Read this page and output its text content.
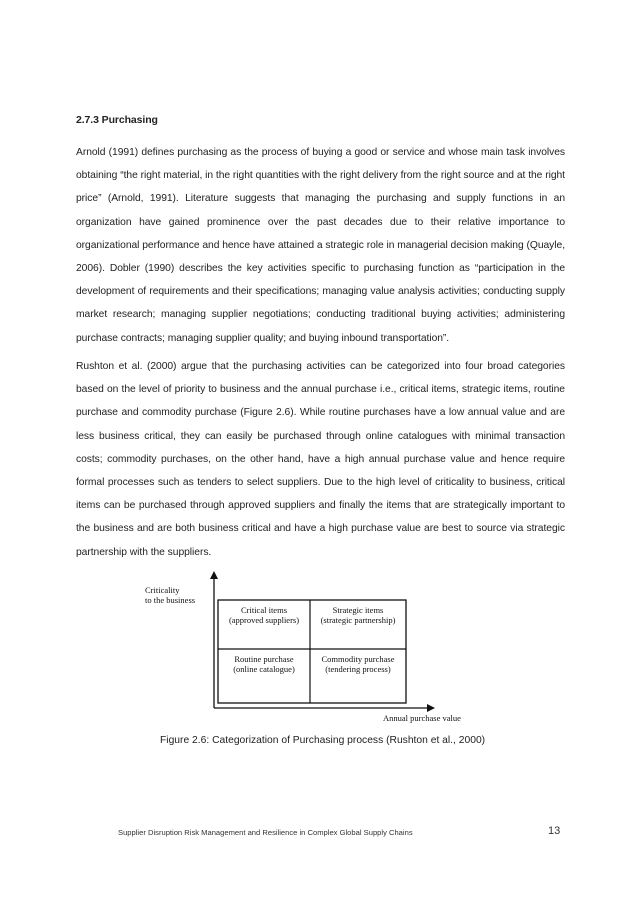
2.7.3 Purchasing
Arnold (1991) defines purchasing as the process of buying a good or service and whose main task involves obtaining “the right material, in the right quantities with the right delivery from the right source and at the right price” (Arnold, 1991). Literature suggests that managing the purchasing and supply functions in an organization have gained prominence over the past decades due to their relative importance to organizational performance and hence have attained a strategic role in managerial decision making (Quayle, 2006). Dobler (1990) describes the key activities specific to purchasing function as “participation in the development of requirements and their specifications; managing value analysis activities; conducting supply market research; managing supplier negotiations; conducting traditional buying activities; administering purchase contracts; managing supplier quality; and buying inbound transportation”.
Rushton et al. (2000) argue that the purchasing activities can be categorized into four broad categories based on the level of priority to business and the annual purchase i.e., critical items, strategic items, routine purchase and commodity purchase (Figure 2.6). While routine purchases have a low annual value and are less business critical, they can easily be purchased through online catalogues with minimal transaction costs; commodity purchases, on the other hand, have a high annual purchase value and hence require formal processes such as tenders to select suppliers. Due to the high level of criticality to business, critical items can be purchased through approved suppliers and finally the items that are strategically important to the business and are both business critical and have a high purchase value are best to source via strategic partnership with the suppliers.
Criticality
to the business
Critical items
(approved suppliers)
Strategic items
(strategic partnership)
Routine purchase
(online catalogue)
Commodity purchase
(tendering process)
Annual purchase value
Figure 2.6: Categorization of Purchasing process (Rushton et al., 2000)
Supplier Disruption Risk Management and Resilience in Complex Global Supply Chains	13
